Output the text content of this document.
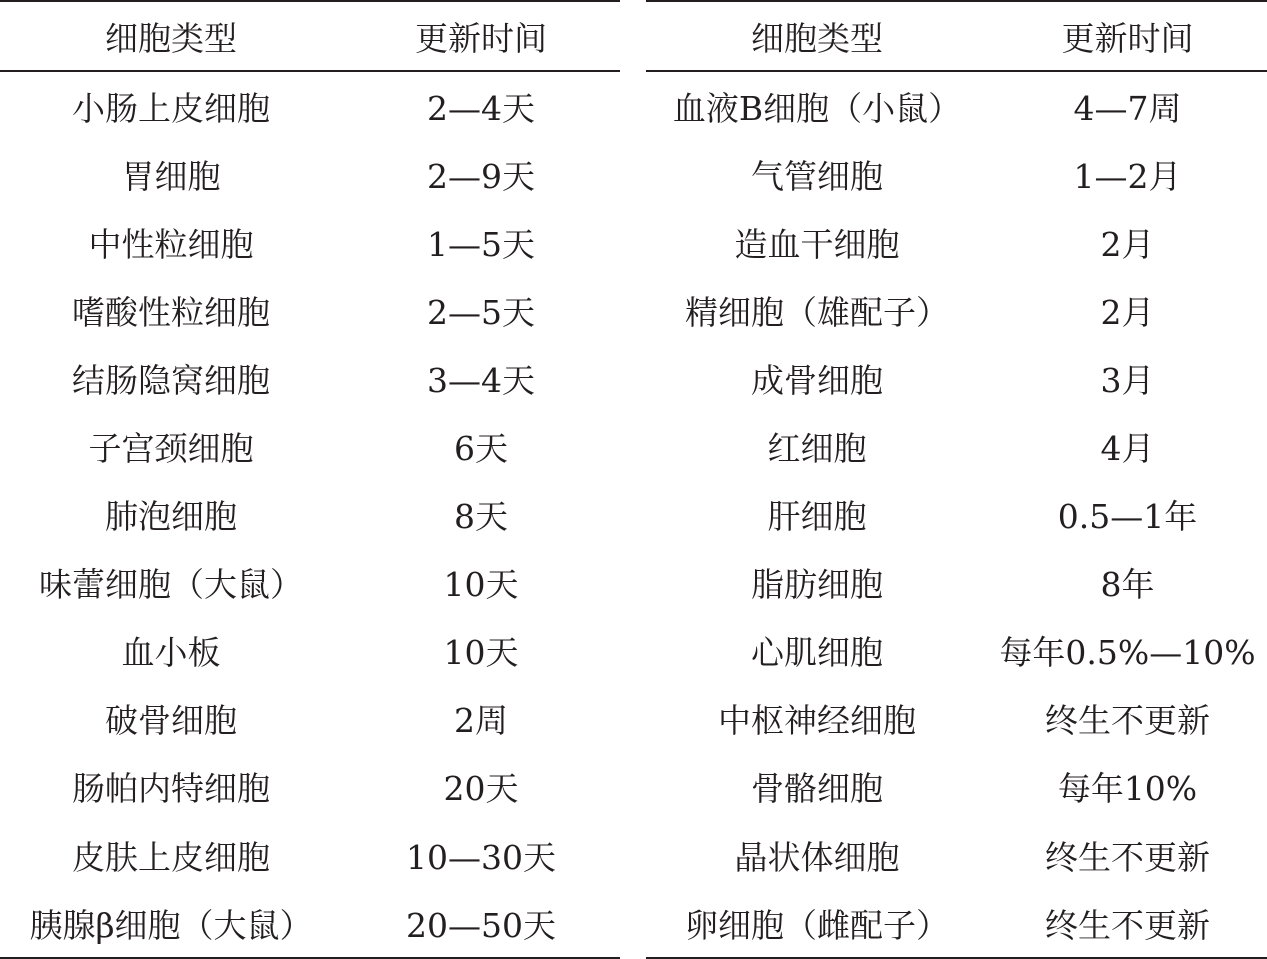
细胞类型	更新时间
小肠上皮细胞	2—4天
胃细胞	2—9天
中性粒细胞	1—5天
嗜酸性粒细胞	2—5天
结肠隐窝细胞	3—4天
子宫颈细胞	6天
肺泡细胞	8天
味蕾细胞（大鼠）	10天
血小板	10天
破骨细胞	2周
肠帕内特细胞	20天
皮肤上皮细胞	10—30天
胰腺β细胞（大鼠）	20—50天
细胞类型	更新时间
血液B细胞（小鼠）	4—7周
气管细胞	1—2月
造血干细胞	2月
精细胞（雄配子）	2月
成骨细胞	3月
红细胞	4月
肝细胞	0.5—1年
脂肪细胞	8年
心肌细胞	每年0.5%—10%
中枢神经细胞	终生不更新
骨骼细胞	每年10%
晶状体细胞	终生不更新
卵细胞（雌配子）	终生不更新
